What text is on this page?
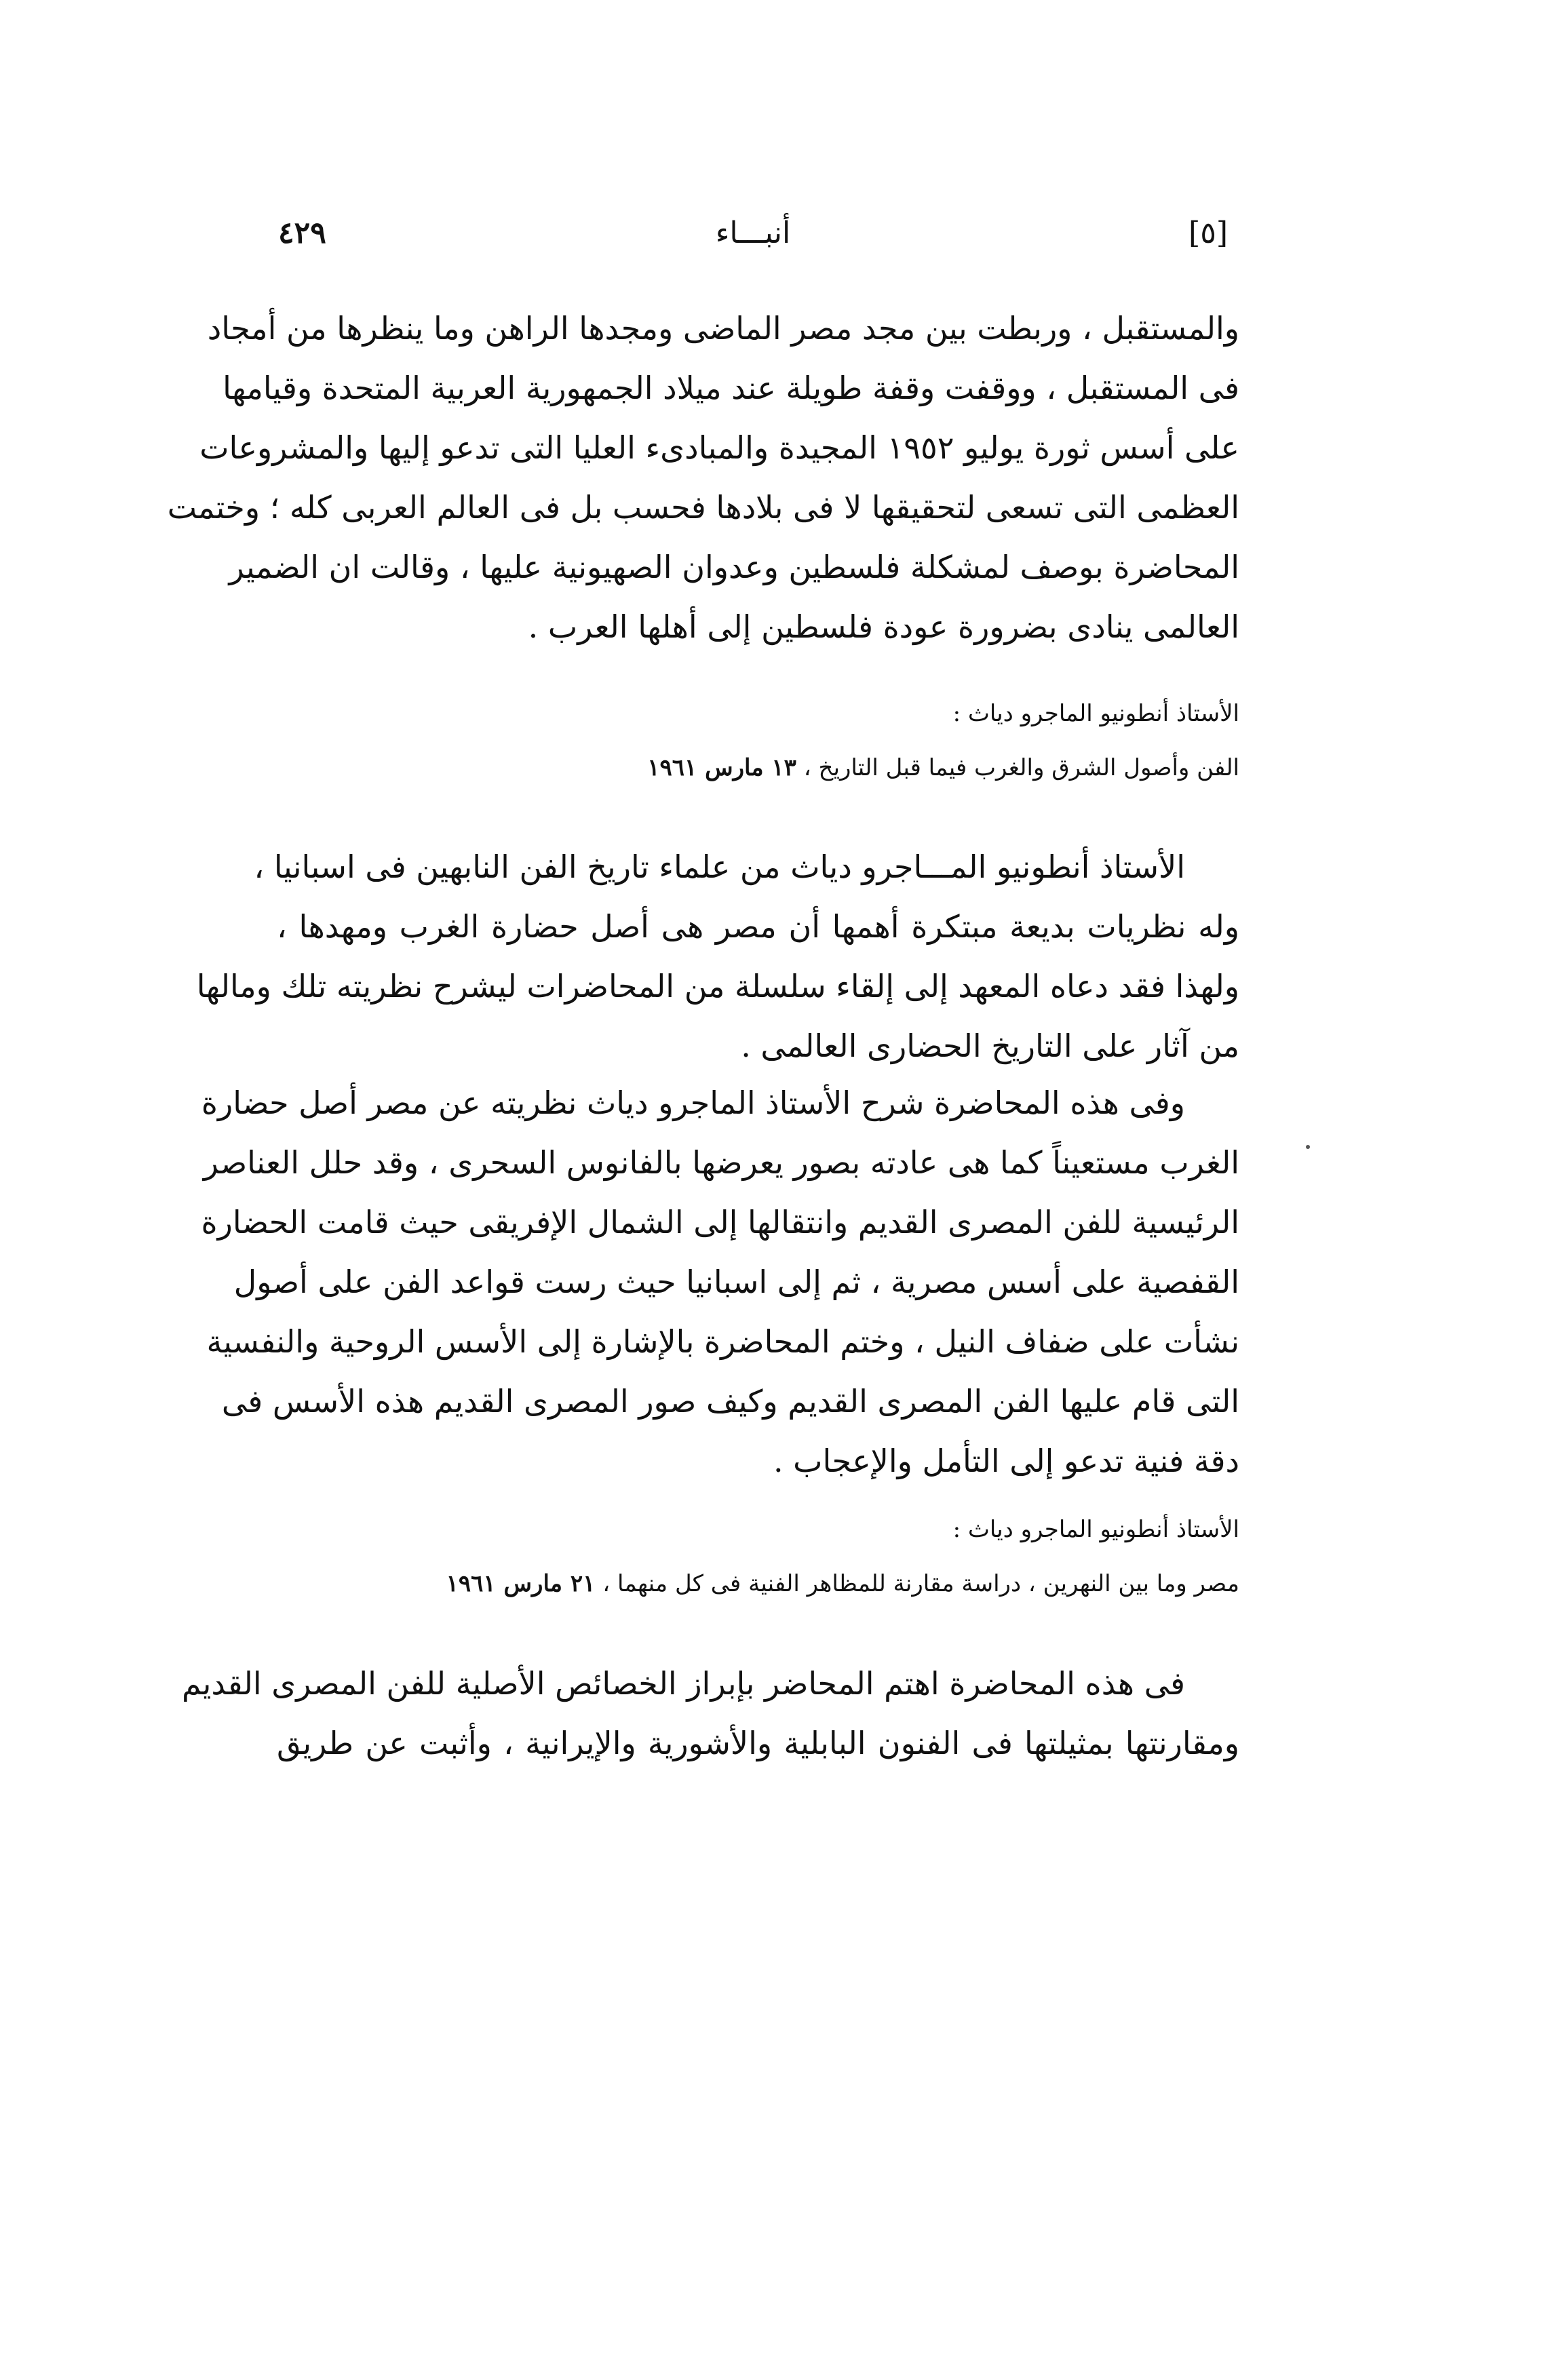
٤٢٩	أنبـــاء	[٥]
والمستقبل ، وربطت بين مجد مصر الماضى ومجدها الراهن وما ينظرها من أمجاد
فى المستقبل ، ووقفت وقفة طويلة عند ميلاد الجمهورية العربية المتحدة وقيامها
على أسس ثورة يوليو ١٩٥٢ المجيدة والمبادىء العليا التى تدعو إليها والمشروعات
العظمى التى تسعى لتحقيقها لا فى بلادها فحسب بل فى العالم العربى كله ؛ وختمت
المحاضرة بوصف لمشكلة فلسطين وعدوان الصهيونية عليها ، وقالت ان الضمير
العالمى ينادى بضرورة عودة فلسطين إلى أهلها العرب .
الأستاذ أنطونيو الماجرو دياث :
الفن وأصول الشرق والغرب فيما قبل التاريخ ، ١٣ مارس ١٩٦١
الأستاذ أنطونيو المـــاجرو دياث من علماء تاريخ الفن النابهين فى اسبانيا ،
وله نظريات بديعة مبتكرة أهمها أن مصر هى أصل حضارة الغرب ومهدها ،
ولهذا فقد دعاه المعهد إلى إلقاء سلسلة من المحاضرات ليشرح نظريته تلك ومالها
من آثار على التاريخ الحضارى العالمى .
وفى هذه المحاضرة شرح الأستاذ الماجرو دياث نظريته عن مصر أصل حضارة
الغرب مستعيناً كما هى عادته بصور يعرضها بالفانوس السحرى ، وقد حلل العناصر
الرئيسية للفن المصرى القديم وانتقالها إلى الشمال الإفريقى حيث قامت الحضارة
القفصية على أسس مصرية ، ثم إلى اسبانيا حيث رست قواعد الفن على أصول
نشأت على ضفاف النيل ، وختم المحاضرة بالإشارة إلى الأسس الروحية والنفسية
التى قام عليها الفن المصرى القديم وكيف صور المصرى القديم هذه الأسس فى
دقة فنية تدعو إلى التأمل والإعجاب .
الأستاذ أنطونيو الماجرو دياث :
مصر وما بين النهرين ، دراسة مقارنة للمظاهر الفنية فى كل منهما ، ٢١ مارس ١٩٦١
فى هذه المحاضرة اهتم المحاضر بإبراز الخصائص الأصلية للفن المصرى القديم
ومقارنتها بمثيلتها فى الفنون البابلية والأشورية والإيرانية ، وأثبت عن طريق
